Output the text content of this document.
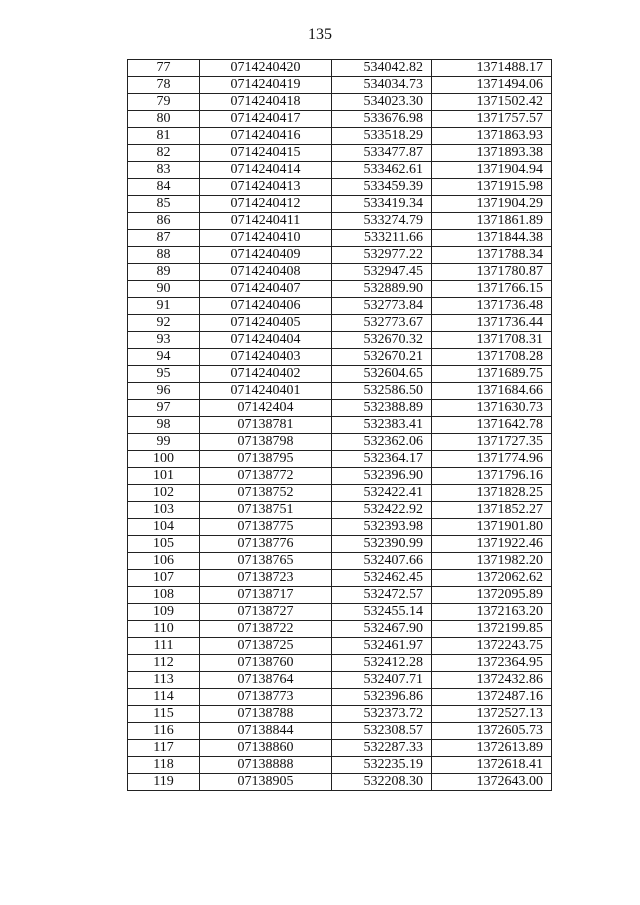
135
77	0714240420	534042.82	1371488.17
78	0714240419	534034.73	1371494.06
79	0714240418	534023.30	1371502.42
80	0714240417	533676.98	1371757.57
81	0714240416	533518.29	1371863.93
82	0714240415	533477.87	1371893.38
83	0714240414	533462.61	1371904.94
84	0714240413	533459.39	1371915.98
85	0714240412	533419.34	1371904.29
86	0714240411	533274.79	1371861.89
87	0714240410	533211.66	1371844.38
88	0714240409	532977.22	1371788.34
89	0714240408	532947.45	1371780.87
90	0714240407	532889.90	1371766.15
91	0714240406	532773.84	1371736.48
92	0714240405	532773.67	1371736.44
93	0714240404	532670.32	1371708.31
94	0714240403	532670.21	1371708.28
95	0714240402	532604.65	1371689.75
96	0714240401	532586.50	1371684.66
97	07142404	532388.89	1371630.73
98	07138781	532383.41	1371642.78
99	07138798	532362.06	1371727.35
100	07138795	532364.17	1371774.96
101	07138772	532396.90	1371796.16
102	07138752	532422.41	1371828.25
103	07138751	532422.92	1371852.27
104	07138775	532393.98	1371901.80
105	07138776	532390.99	1371922.46
106	07138765	532407.66	1371982.20
107	07138723	532462.45	1372062.62
108	07138717	532472.57	1372095.89
109	07138727	532455.14	1372163.20
110	07138722	532467.90	1372199.85
111	07138725	532461.97	1372243.75
112	07138760	532412.28	1372364.95
113	07138764	532407.71	1372432.86
114	07138773	532396.86	1372487.16
115	07138788	532373.72	1372527.13
116	07138844	532308.57	1372605.73
117	07138860	532287.33	1372613.89
118	07138888	532235.19	1372618.41
119	07138905	532208.30	1372643.00
